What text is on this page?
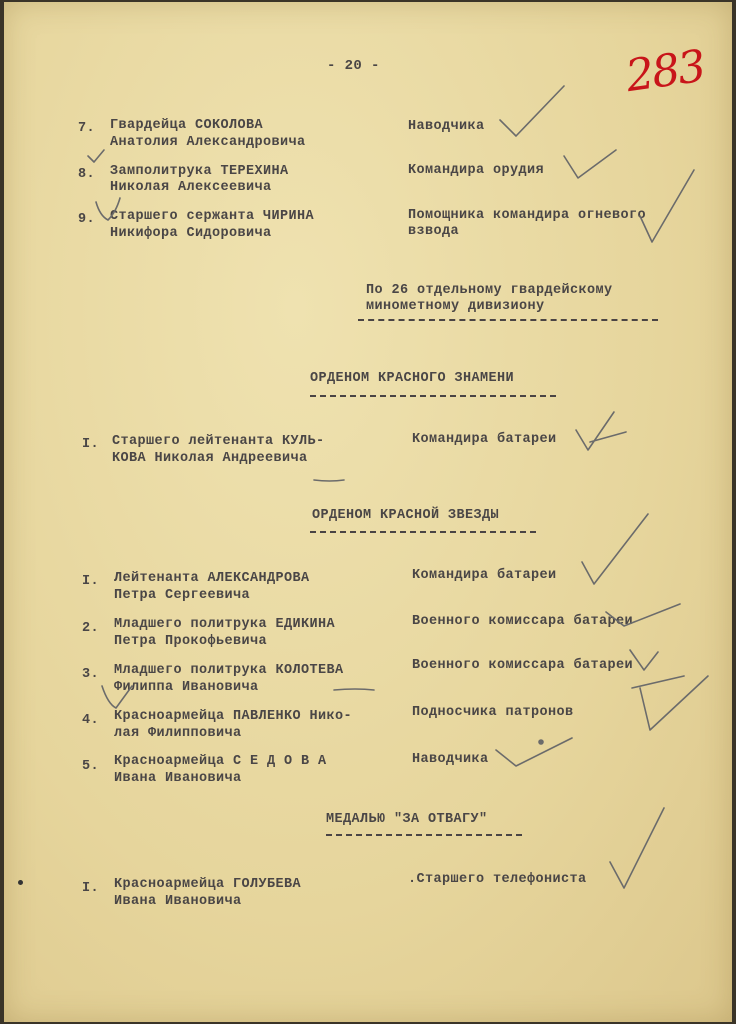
- 20 -	283
7. Гвардейца СОКОЛОВА
Анатолия Александровича
Наводчика
8. Замполитрука ТЕРЕХИНА
Николая Алексеевича
Командира орудия
9. Старшего сержанта ЧИРИНА
Никифора Сидоровича
Помощника командира огневого
взвода
По 26 отдельному гвардейскому
минометному дивизиону
ОРДЕНОМ КРАСНОГО ЗНАМЕНИ
I. Старшего лейтенанта КУЛЬ-
КОВА Николая Андреевича
Командира батареи
ОРДЕНОМ КРАСНОЙ ЗВЕЗДЫ
I. Лейтенанта АЛЕКСАНДРОВА
Петра Сергеевича
Командира батареи
2. Младшего политрука ЕДИКИНА
Петра Прокофьевича
Военного комиссара батареи
3. Младшего политрука КОЛОТЕВА
Филиппа Ивановича
Военного комиссара батареи
4. Красноармейца ПАВЛЕНКО Нико-
лая Филипповича
Подносчика патронов
5. Красноармейца С Е Д О В А
Ивана Ивановича
Наводчика
МЕДАЛЬЮ "ЗА ОТВАГУ"
I. Красноармейца ГОЛУБЕВА
Ивана Ивановича
.Старшего телефониста
